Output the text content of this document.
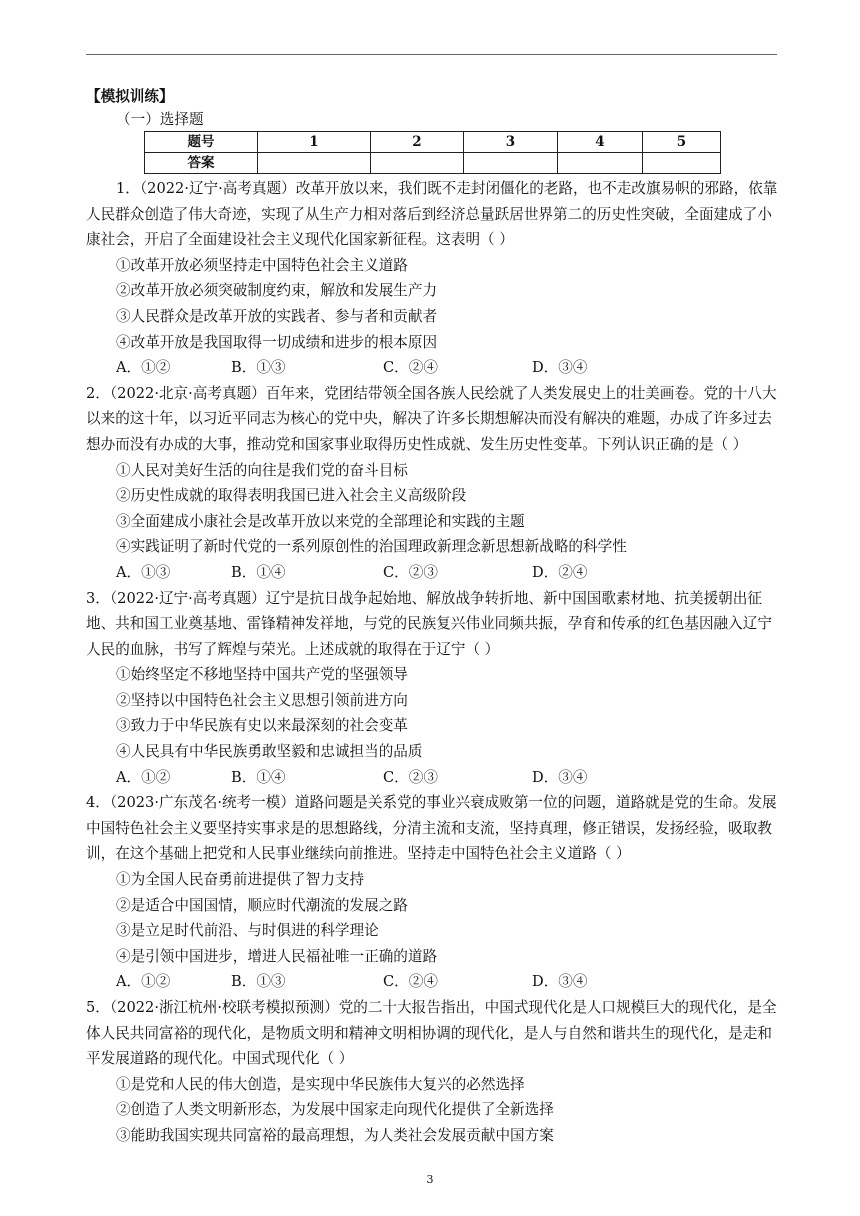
【模拟训练】
（一）选择题
题号	1	2	3	4	5
答案					
1．（2022·辽宁·高考真题）改革开放以来，我们既不走封闭僵化的老路，也不走改旗易帜的邪路，依靠人民群众创造了伟大奇迹，实现了从生产力相对落后到经济总量跃居世界第二的历史性突破，全面建成了小康社会，开启了全面建设社会主义现代化国家新征程。这表明（ ）
①改革开放必须坚持走中国特色社会主义道路
②改革开放必须突破制度约束，解放和发展生产力
③人民群众是改革开放的实践者、参与者和贡献者
④改革开放是我国取得一切成绩和进步的根本原因
A．①②	B．①③	C．②④	D．③④
2．（2022·北京·高考真题）百年来，党团结带领全国各族人民绘就了人类发展史上的壮美画卷。党的十八大以来的这十年，以习近平同志为核心的党中央，解决了许多长期想解决而没有解决的难题，办成了许多过去想办而没有办成的大事，推动党和国家事业取得历史性成就、发生历史性变革。下列认识正确的是（ ）
①人民对美好生活的向往是我们党的奋斗目标
②历史性成就的取得表明我国已进入社会主义高级阶段
③全面建成小康社会是改革开放以来党的全部理论和实践的主题
④实践证明了新时代党的一系列原创性的治国理政新理念新思想新战略的科学性
A．①③	B．①④	C．②③	D．②④
3．（2022·辽宁·高考真题）辽宁是抗日战争起始地、解放战争转折地、新中国国歌素材地、抗美援朝出征地、共和国工业奠基地、雷锋精神发祥地，与党的民族复兴伟业同频共振，孕育和传承的红色基因融入辽宁人民的血脉，书写了辉煌与荣光。上述成就的取得在于辽宁（ ）
①始终坚定不移地坚持中国共产党的坚强领导
②坚持以中国特色社会主义思想引领前进方向
③致力于中华民族有史以来最深刻的社会变革
④人民具有中华民族勇敢坚毅和忠诚担当的品质
A．①②	B．①④	C．②③	D．③④
4．（2023·广东茂名·统考一模）道路问题是关系党的事业兴衰成败第一位的问题，道路就是党的生命。发展中国特色社会主义要坚持实事求是的思想路线，分清主流和支流，坚持真理，修正错误，发扬经验，吸取教训，在这个基础上把党和人民事业继续向前推进。坚持走中国特色社会主义道路（ ）
①为全国人民奋勇前进提供了智力支持
②是适合中国国情，顺应时代潮流的发展之路
③是立足时代前沿、与时俱进的科学理论
④是引领中国进步，增进人民福祉唯一正确的道路
A．①②	B．①③	C．②④	D．③④
5．（2022·浙江杭州·校联考模拟预测）党的二十大报告指出，中国式现代化是人口规模巨大的现代化，是全体人民共同富裕的现代化，是物质文明和精神文明相协调的现代化，是人与自然和谐共生的现代化，是走和平发展道路的现代化。中国式现代化（ ）
①是党和人民的伟大创造，是实现中华民族伟大复兴的必然选择
②创造了人类文明新形态，为发展中国家走向现代化提供了全新选择
③能助我国实现共同富裕的最高理想，为人类社会发展贡献中国方案
3
